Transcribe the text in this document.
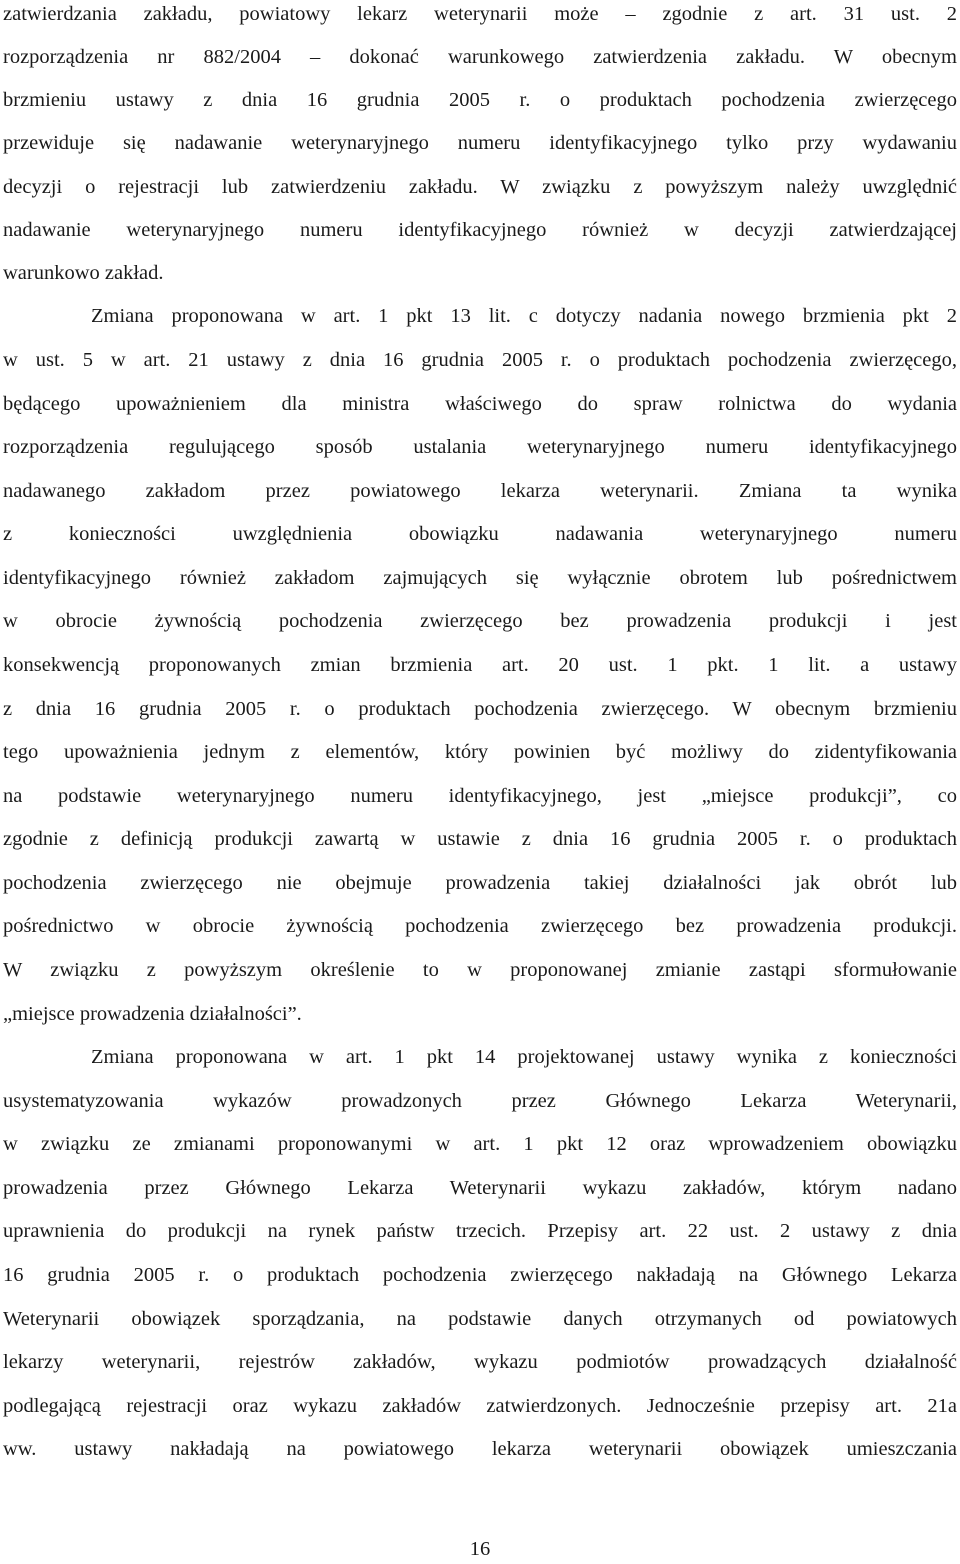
zatwierdzania zakładu, powiatowy lekarz weterynarii może – zgodnie z art. 31 ust. 2

rozporządzenia nr 882/2004 – dokonać warunkowego zatwierdzenia zakładu. W obecnym

brzmieniu ustawy z dnia 16 grudnia 2005 r. o produktach pochodzenia zwierzęcego

przewiduje się nadawanie weterynaryjnego numeru identyfikacyjnego tylko przy wydawaniu

decyzji o rejestracji lub zatwierdzeniu zakładu. W związku z powyższym należy uwzględnić

nadawanie weterynaryjnego numeru identyfikacyjnego również w decyzji zatwierdzającej

warunkowo zakład.

Zmiana proponowana w art. 1 pkt 13 lit. c dotyczy nadania nowego brzmienia pkt 2

w ust. 5 w art. 21 ustawy z dnia 16 grudnia 2005 r. o produktach pochodzenia zwierzęcego,

będącego upoważnieniem dla ministra właściwego do spraw rolnictwa do wydania

rozporządzenia regulującego sposób ustalania weterynaryjnego numeru identyfikacyjnego

nadawanego zakładom przez powiatowego lekarza weterynarii. Zmiana ta wynika

z konieczności uwzględnienia obowiązku nadawania weterynaryjnego numeru

identyfikacyjnego również zakładom zajmujących się wyłącznie obrotem lub pośrednictwem

w obrocie żywnością pochodzenia zwierzęcego bez prowadzenia produkcji i jest

konsekwencją proponowanych zmian brzmienia art. 20 ust. 1 pkt. 1 lit. a ustawy

z dnia 16 grudnia 2005 r. o produktach pochodzenia zwierzęcego. W obecnym brzmieniu

tego upoważnienia jednym z elementów, który powinien być możliwy do zidentyfikowania

na podstawie weterynaryjnego numeru identyfikacyjnego, jest „miejsce produkcji”, co

zgodnie z definicją produkcji zawartą w ustawie z dnia 16 grudnia 2005 r. o produktach

pochodzenia zwierzęcego nie obejmuje prowadzenia takiej działalności jak obrót lub

pośrednictwo w obrocie żywnością pochodzenia zwierzęcego bez prowadzenia produkcji.

W związku z powyższym określenie to w proponowanej zmianie zastąpi sformułowanie

„miejsce prowadzenia działalności”.

Zmiana proponowana w art. 1 pkt 14 projektowanej ustawy wynika z konieczności

usystematyzowania wykazów prowadzonych przez Głównego Lekarza Weterynarii,

w związku ze zmianami proponowanymi w art. 1 pkt 12 oraz wprowadzeniem obowiązku

prowadzenia przez Głównego Lekarza Weterynarii wykazu zakładów, którym nadano

uprawnienia do produkcji na rynek państw trzecich. Przepisy art. 22 ust. 2 ustawy z dnia

16 grudnia 2005 r. o produktach pochodzenia zwierzęcego nakładają na Głównego Lekarza

Weterynarii obowiązek sporządzania, na podstawie danych otrzymanych od powiatowych

lekarzy weterynarii, rejestrów zakładów, wykazu podmiotów prowadzących działalność

podlegającą rejestracji oraz wykazu zakładów zatwierdzonych. Jednocześnie przepisy art. 21a

ww. ustawy nakładają na powiatowego lekarza weterynarii obowiązek umieszczania

16
